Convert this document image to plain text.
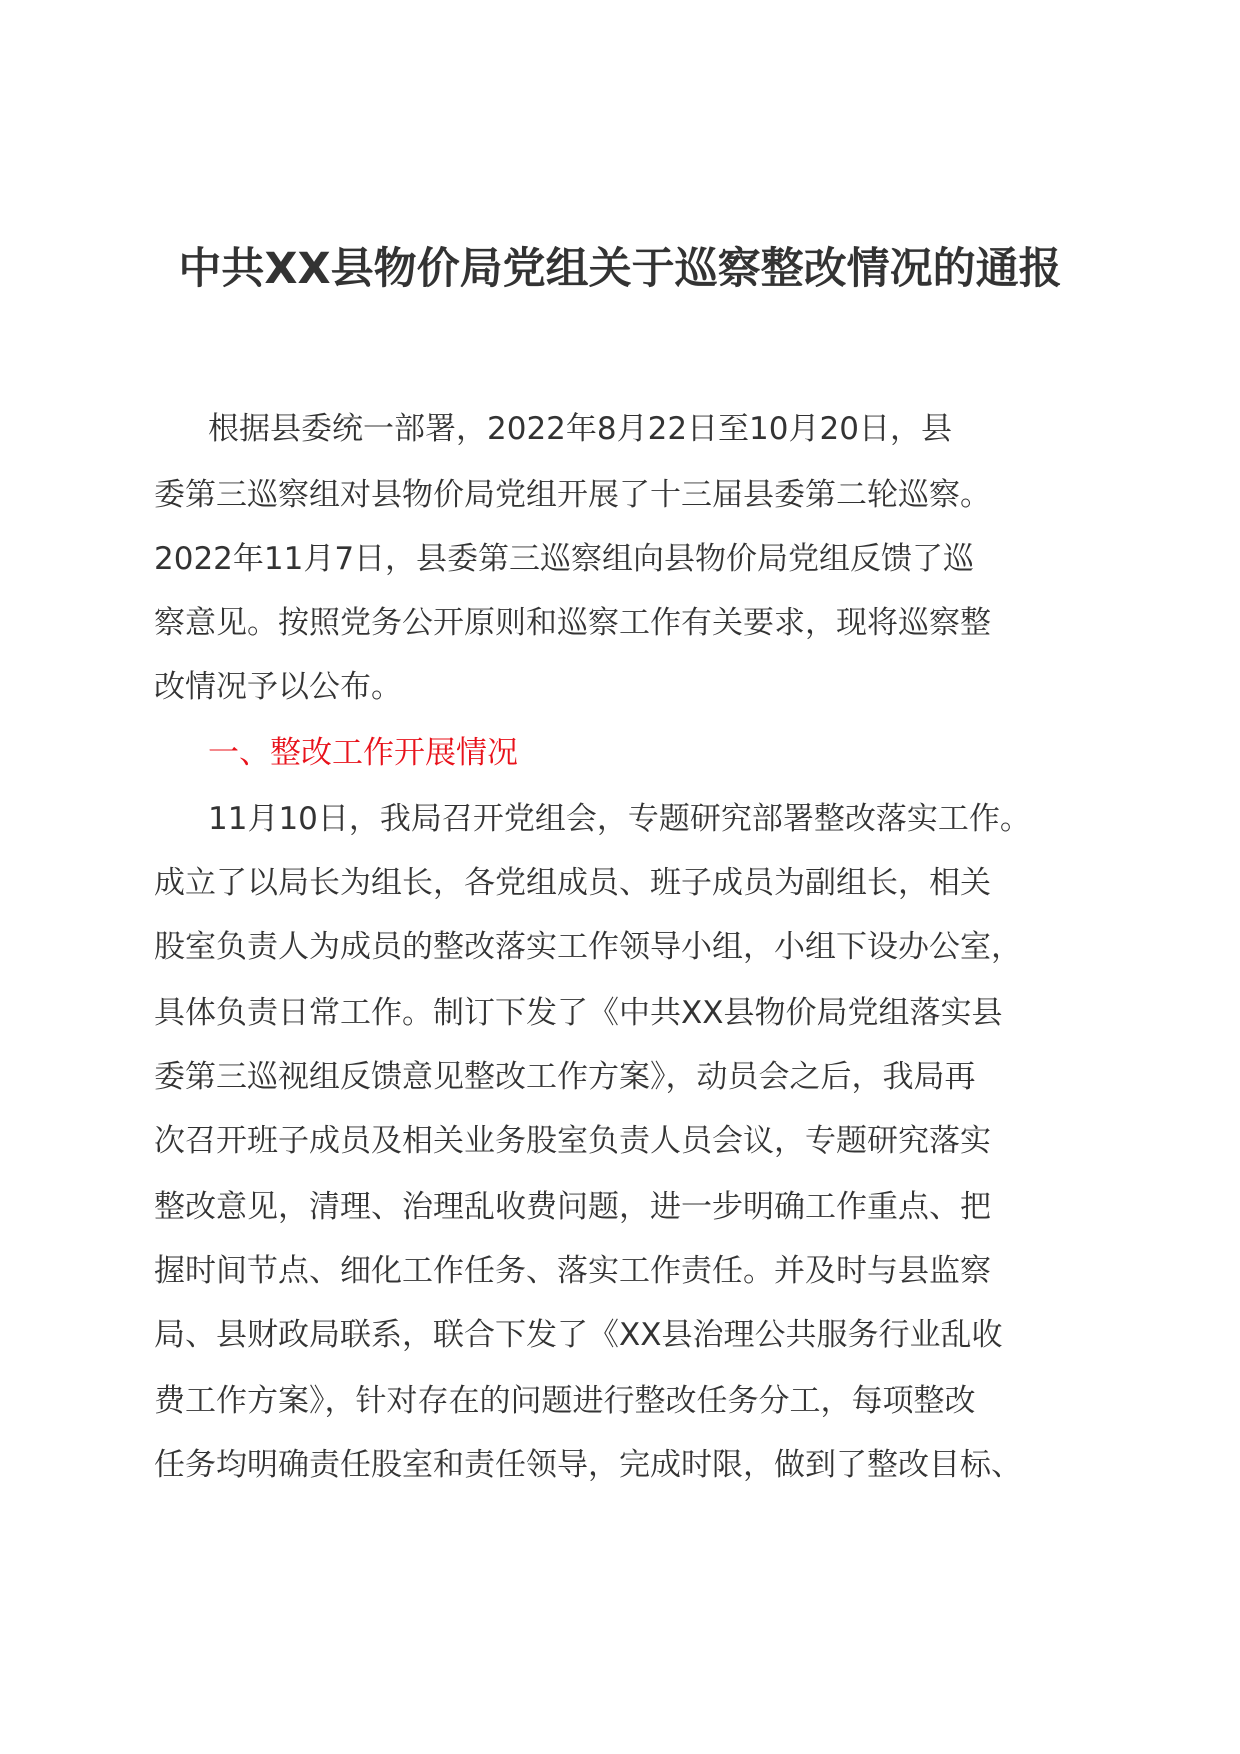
中共XX县物价局党组关于巡察整改情况的通报
根据县委统一部署，2022年8月22日至10月20日，县
委第三巡察组对县物价局党组开展了十三届县委第二轮巡察。
2022年11月7日，县委第三巡察组向县物价局党组反馈了巡
察意见。按照党务公开原则和巡察工作有关要求，现将巡察整
改情况予以公布。
一、整改工作开展情况
11月10日，我局召开党组会，专题研究部署整改落实工作。
成立了以局长为组长，各党组成员、班子成员为副组长，相关
股室负责人为成员的整改落实工作领导小组，小组下设办公室，
具体负责日常工作。制订下发了《中共XX县物价局党组落实县
委第三巡视组反馈意见整改工作方案》，动员会之后，我局再
次召开班子成员及相关业务股室负责人员会议，专题研究落实
整改意见，清理、治理乱收费问题，进一步明确工作重点、把
握时间节点、细化工作任务、落实工作责任。并及时与县监察
局、县财政局联系，联合下发了《XX县治理公共服务行业乱收
费工作方案》，针对存在的问题进行整改任务分工，每项整改
任务均明确责任股室和责任领导，完成时限，做到了整改目标、
